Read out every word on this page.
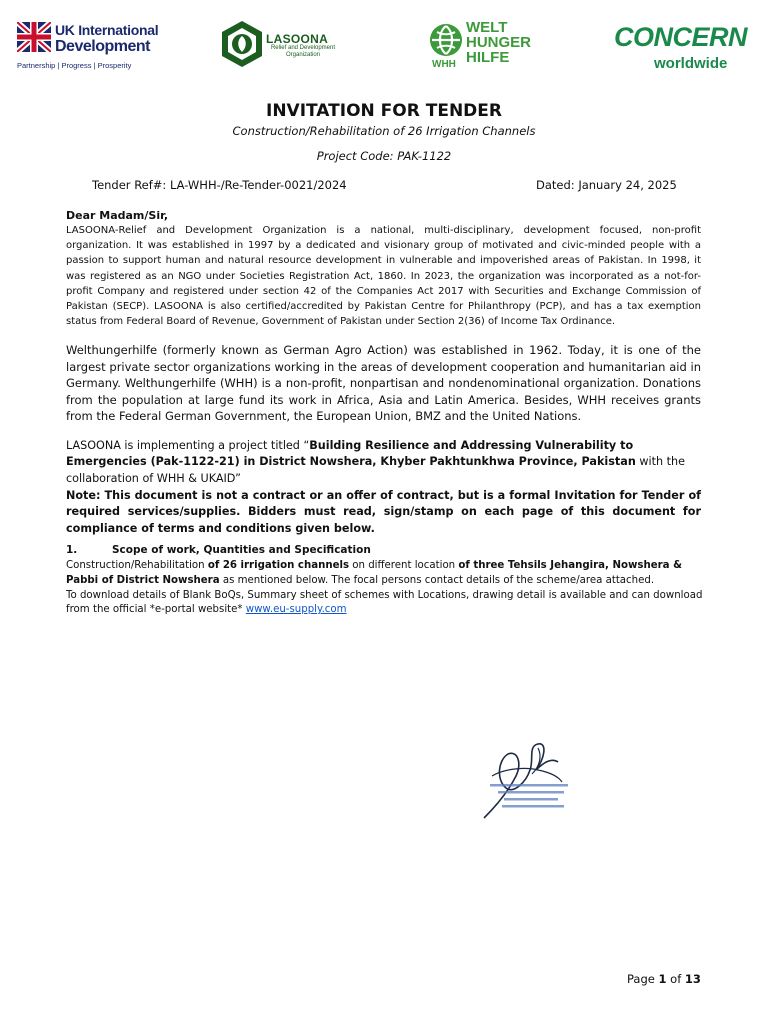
UK International
Development
Partnership | Progress | Prosperity
LASOONA
Relief and Development Organization
WELT
HUNGER
HILFE
WHH
CONCERN
worldwide
INVITATION FOR TENDER
Construction/Rehabilitation of 26 Irrigation Channels
Project Code: PAK-1122
Tender Ref#: LA-WHH-/Re-Tender-0021/2024	Dated: January 24, 2025
Dear Madam/Sir,
LASOONA-Relief and Development Organization is a national, multi-disciplinary, development focused, non-profit organization. It was established in 1997 by a dedicated and visionary group of motivated and civic-minded people with a passion to support human and natural resource development in vulnerable and impoverished areas of Pakistan. In 1998, it was registered as an NGO under Societies Registration Act, 1860. In 2023, the organization was incorporated as a not-for-profit Company and registered under section 42 of the Companies Act 2017 with Securities and Exchange Commission of Pakistan (SECP). LASOONA is also certified/accredited by Pakistan Centre for Philanthropy (PCP), and has a tax exemption status from Federal Board of Revenue, Government of Pakistan under Section 2(36) of Income Tax Ordinance.
Welthungerhilfe (formerly known as German Agro Action) was established in 1962. Today, it is one of the largest private sector organizations working in the areas of development cooperation and humanitarian aid in Germany. Welthungerhilfe (WHH) is a non-profit, nonpartisan and nondenominational organization. Donations from the population at large fund its work in Africa, Asia and Latin America. Besides, WHH receives grants from the Federal German Government, the European Union, BMZ and the United Nations.
LASOONA is implementing a project titled “Building Resilience and Addressing Vulnerability to Emergencies (Pak-1122-21) in District Nowshera, Khyber Pakhtunkhwa Province, Pakistan with the collaboration of WHH & UKAID”
Note: This document is not a contract or an offer of contract, but is a formal Invitation for Tender of required services/supplies. Bidders must read, sign/stamp on each page of this document for compliance of terms and conditions given below.
1.	Scope of work, Quantities and Specification
Construction/Rehabilitation of 26 irrigation channels on different location of three Tehsils Jehangira, Nowshera & Pabbi of District Nowshera as mentioned below. The focal persons contact details of the scheme/area attached.
To download details of Blank BoQs, Summary sheet of schemes with Locations, drawing detail is available and can download from the official *e-portal website* www.eu-supply.com
Page 1 of 13
